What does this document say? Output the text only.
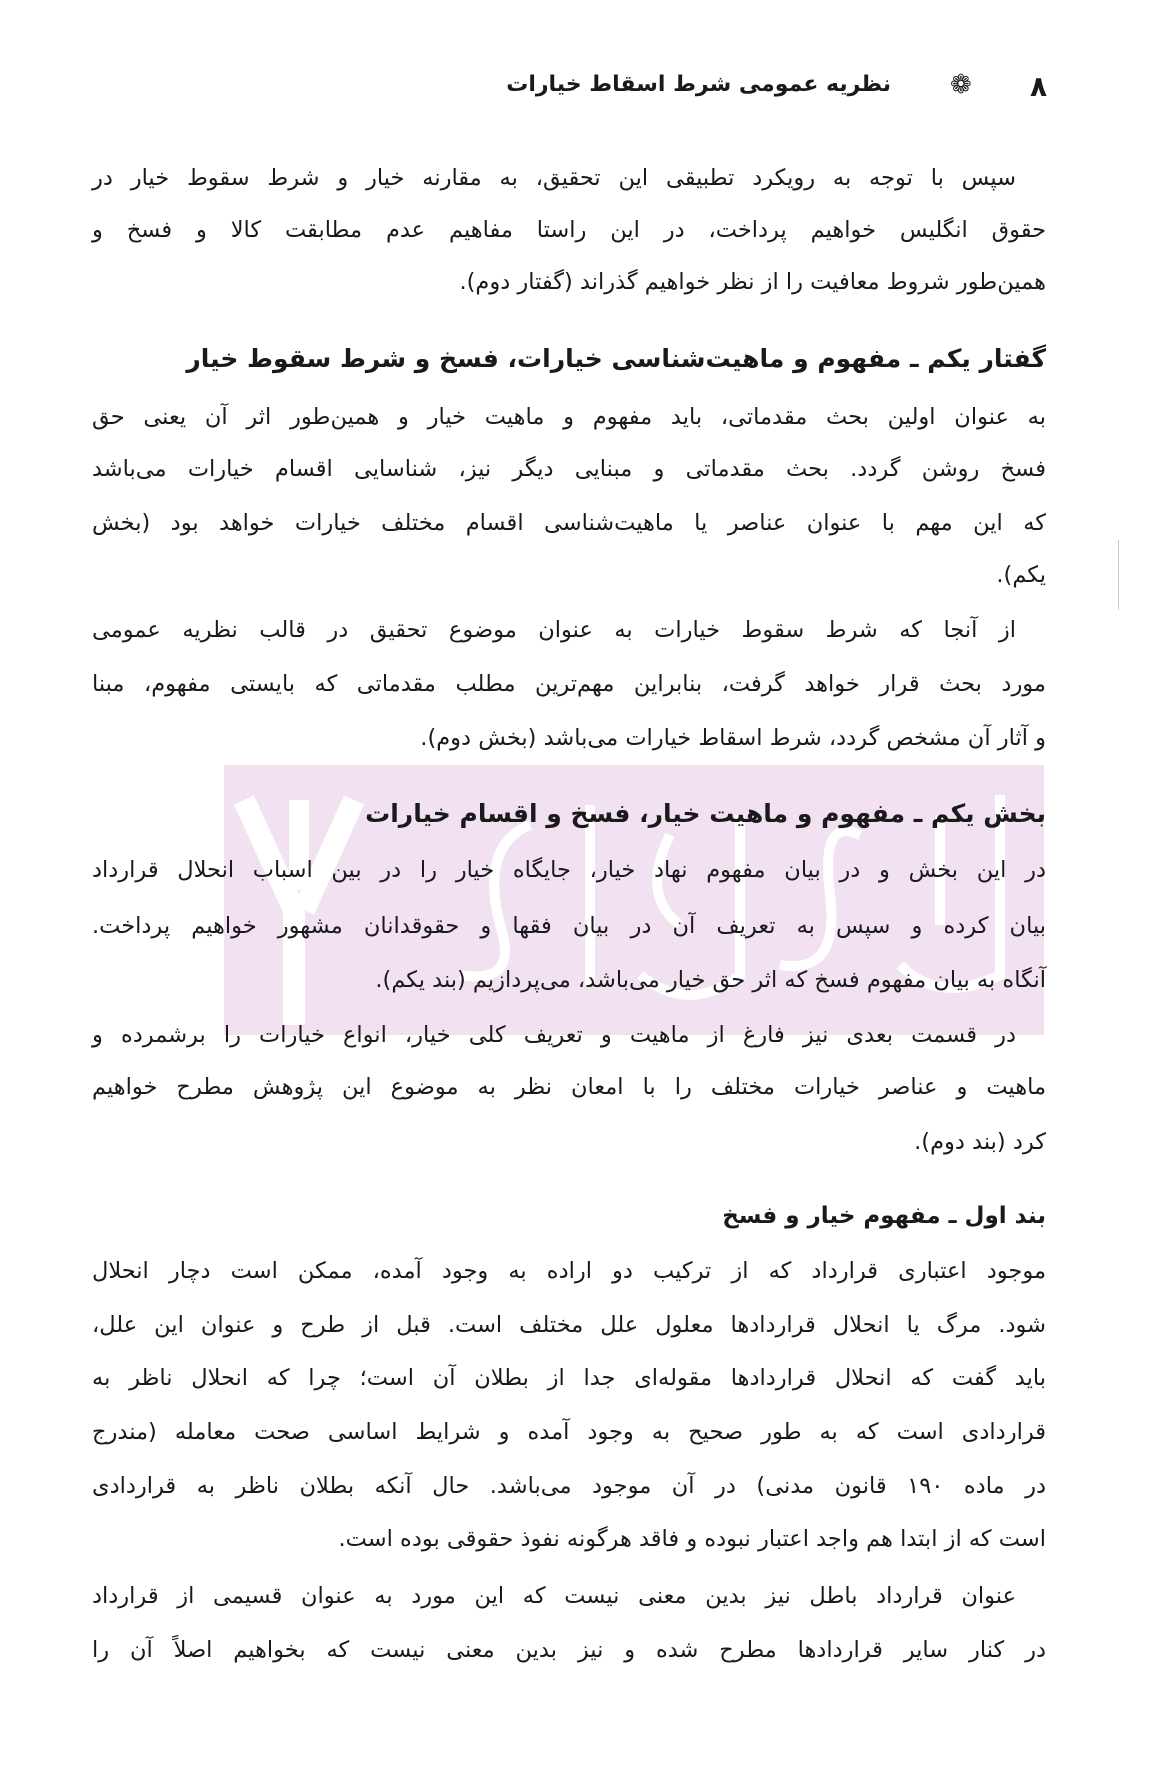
۸
❁
نظریه عمومی شرط اسقاط خیارات
سپس با توجه به رویکرد تطبیقی این تحقیق، به مقارنه خیار و شرط سقوط خیار در
حقوق انگلیس خواهیم پرداخت، در این راستا مفاهیم عدم مطابقت کالا و فسخ و
همین‌طور شروط معافیت را از نظر خواهیم گذراند (گفتار دوم).
گفتار یکم ـ مفهوم و ماهیت‌شناسی خیارات، فسخ و شرط سقوط خیار
به عنوان اولین بحث مقدماتی، باید مفهوم و ماهیت خیار و همین‌طور اثر آن یعنی حق
فسخ روشن گردد. بحث مقدماتی و مبنایی دیگر نیز، شناسایی اقسام خیارات می‌باشد
که این مهم با عنوان عناصر یا ماهیت‌شناسی اقسام مختلف خیارات خواهد بود (بخش
یکم).
از آنجا که شرط سقوط خیارات به عنوان موضوع تحقیق در قالب نظریه عمومی
مورد بحث قرار خواهد گرفت، بنابراین مهم‌ترین مطلب مقدماتی که بایستی مفهوم، مبنا
و آثار آن مشخص گردد، شرط اسقاط خیارات می‌باشد (بخش دوم).
بخش یکم ـ مفهوم و ماهیت خیار، فسخ و اقسام خیارات
در این بخش و در بیان مفهوم نهاد خیار، جایگاه خیار را در بین اسباب انحلال قرارداد
بیان کرده و سپس به تعریف آن در بیان فقها و حقوقدانان مشهور خواهیم پرداخت.
آنگاه به بیان مفهوم فسخ که اثر حق خیار می‌باشد، می‌پردازیم (بند یکم).
در قسمت بعدی نیز فارغ از ماهیت و تعریف کلی خیار، انواع خیارات را برشمرده و
ماهیت و عناصر خیارات مختلف را با امعان نظر به موضوع این پژوهش مطرح خواهیم
کرد (بند دوم).
بند اول ـ مفهوم خیار و فسخ
موجود اعتباری قرارداد که از ترکیب دو اراده به وجود آمده، ممکن است دچار انحلال
شود. مرگ یا انحلال قراردادها معلول علل مختلف است. قبل از طرح و عنوان این علل،
باید گفت که انحلال قراردادها مقوله‌ای جدا از بطلان آن است؛ چرا که انحلال ناظر به
قراردادی است که به طور صحیح به وجود آمده و شرایط اساسی صحت معامله (مندرج
در ماده ۱۹۰ قانون مدنی) در آن موجود می‌باشد. حال آنکه بطلان ناظر به قراردادی
است که از ابتدا هم واجد اعتبار نبوده و فاقد هرگونه نفوذ حقوقی بوده است.
عنوان قرارداد باطل نیز بدین معنی نیست که این مورد به عنوان قسیمی از قرارداد
در کنار سایر قراردادها مطرح شده و نیز بدین معنی نیست که بخواهیم اصلاً آن را
